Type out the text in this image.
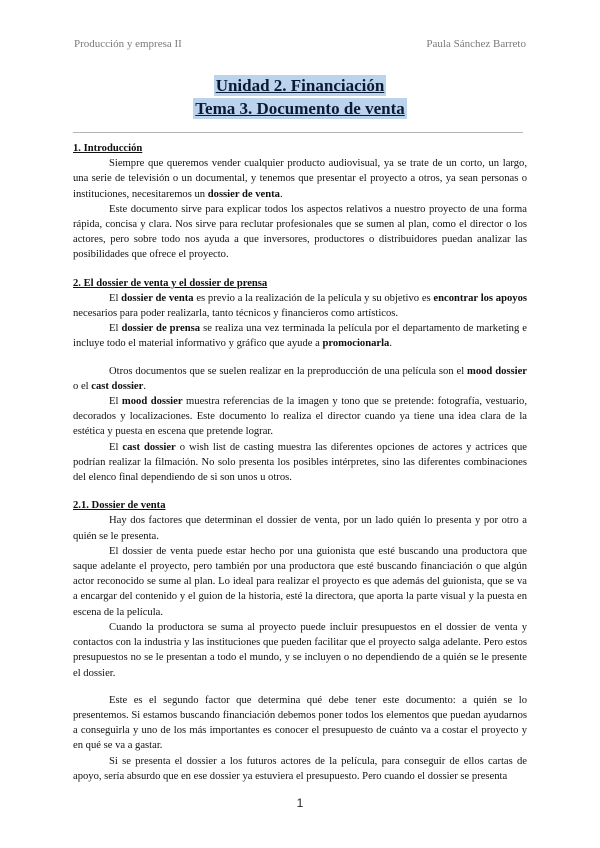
Producción y empresa II	Paula Sánchez Barreto
Unidad 2. Financiación
Tema 3. Documento de venta
1. Introducción

Siempre que queremos vender cualquier producto audiovisual, ya se trate de un corto, un largo, una serie de televisión o un documental, y tenemos que presentar el proyecto a otros, ya sean personas o instituciones, necesitaremos un dossier de venta.

Este documento sirve para explicar todos los aspectos relativos a nuestro proyecto de una forma rápida, concisa y clara. Nos sirve para reclutar profesionales que se sumen al plan, como el director o los actores, pero sobre todo nos ayuda a que inversores, productores o distribuidores puedan analizar las posibilidades que ofrece el proyecto.

2. El dossier de venta y el dossier de prensa

El dossier de venta es previo a la realización de la película y su objetivo es encontrar los apoyos necesarios para poder realizarla, tanto técnicos y financieros como artísticos.

El dossier de prensa se realiza una vez terminada la película por el departamento de marketing e incluye todo el material informativo y gráfico que ayude a promocionarla.

Otros documentos que se suelen realizar en la preproducción de una película son el mood dossier o el cast dossier.

El mood dossier muestra referencias de la imagen y tono que se pretende: fotografía, vestuario, decorados y localizaciones. Este documento lo realiza el director cuando ya tiene una idea clara de la estética y puesta en escena que pretende lograr.

El cast dossier o wish list de casting muestra las diferentes opciones de actores y actrices que podrían realizar la filmación. No solo presenta los posibles intérpretes, sino las diferentes combinaciones del elenco final dependiendo de si son unos u otros.

2.1. Dossier de venta

Hay dos factores que determinan el dossier de venta, por un lado quién lo presenta y por otro a quién se le presenta.

El dossier de venta puede estar hecho por una guionista que esté buscando una productora que saque adelante el proyecto, pero también por una productora que esté buscando financiación o que algún actor reconocido se sume al plan. Lo ideal para realizar el proyecto es que además del guionista, que se va a encargar del contenido y el guion de la historia, esté la directora, que aporta la parte visual y la puesta en escena de la película.

Cuando la productora se suma al proyecto puede incluir presupuestos en el dossier de venta y contactos con la industria y las instituciones que pueden facilitar que el proyecto salga adelante. Pero estos presupuestos no se le presentan a todo el mundo, y se incluyen o no dependiendo de a quién se le presente el dossier.

Este es el segundo factor que determina qué debe tener este documento: a quién se lo presentemos. Si estamos buscando financiación debemos poner todos los elementos que puedan ayudarnos a conseguirla y uno de los más importantes es conocer el presupuesto de cuánto va a costar el proyecto y en qué se va a gastar.

Si se presenta el dossier a los futuros actores de la película, para conseguir de ellos cartas de apoyo, sería absurdo que en ese dossier ya estuviera el presupuesto. Pero cuando el dossier se presenta

1
